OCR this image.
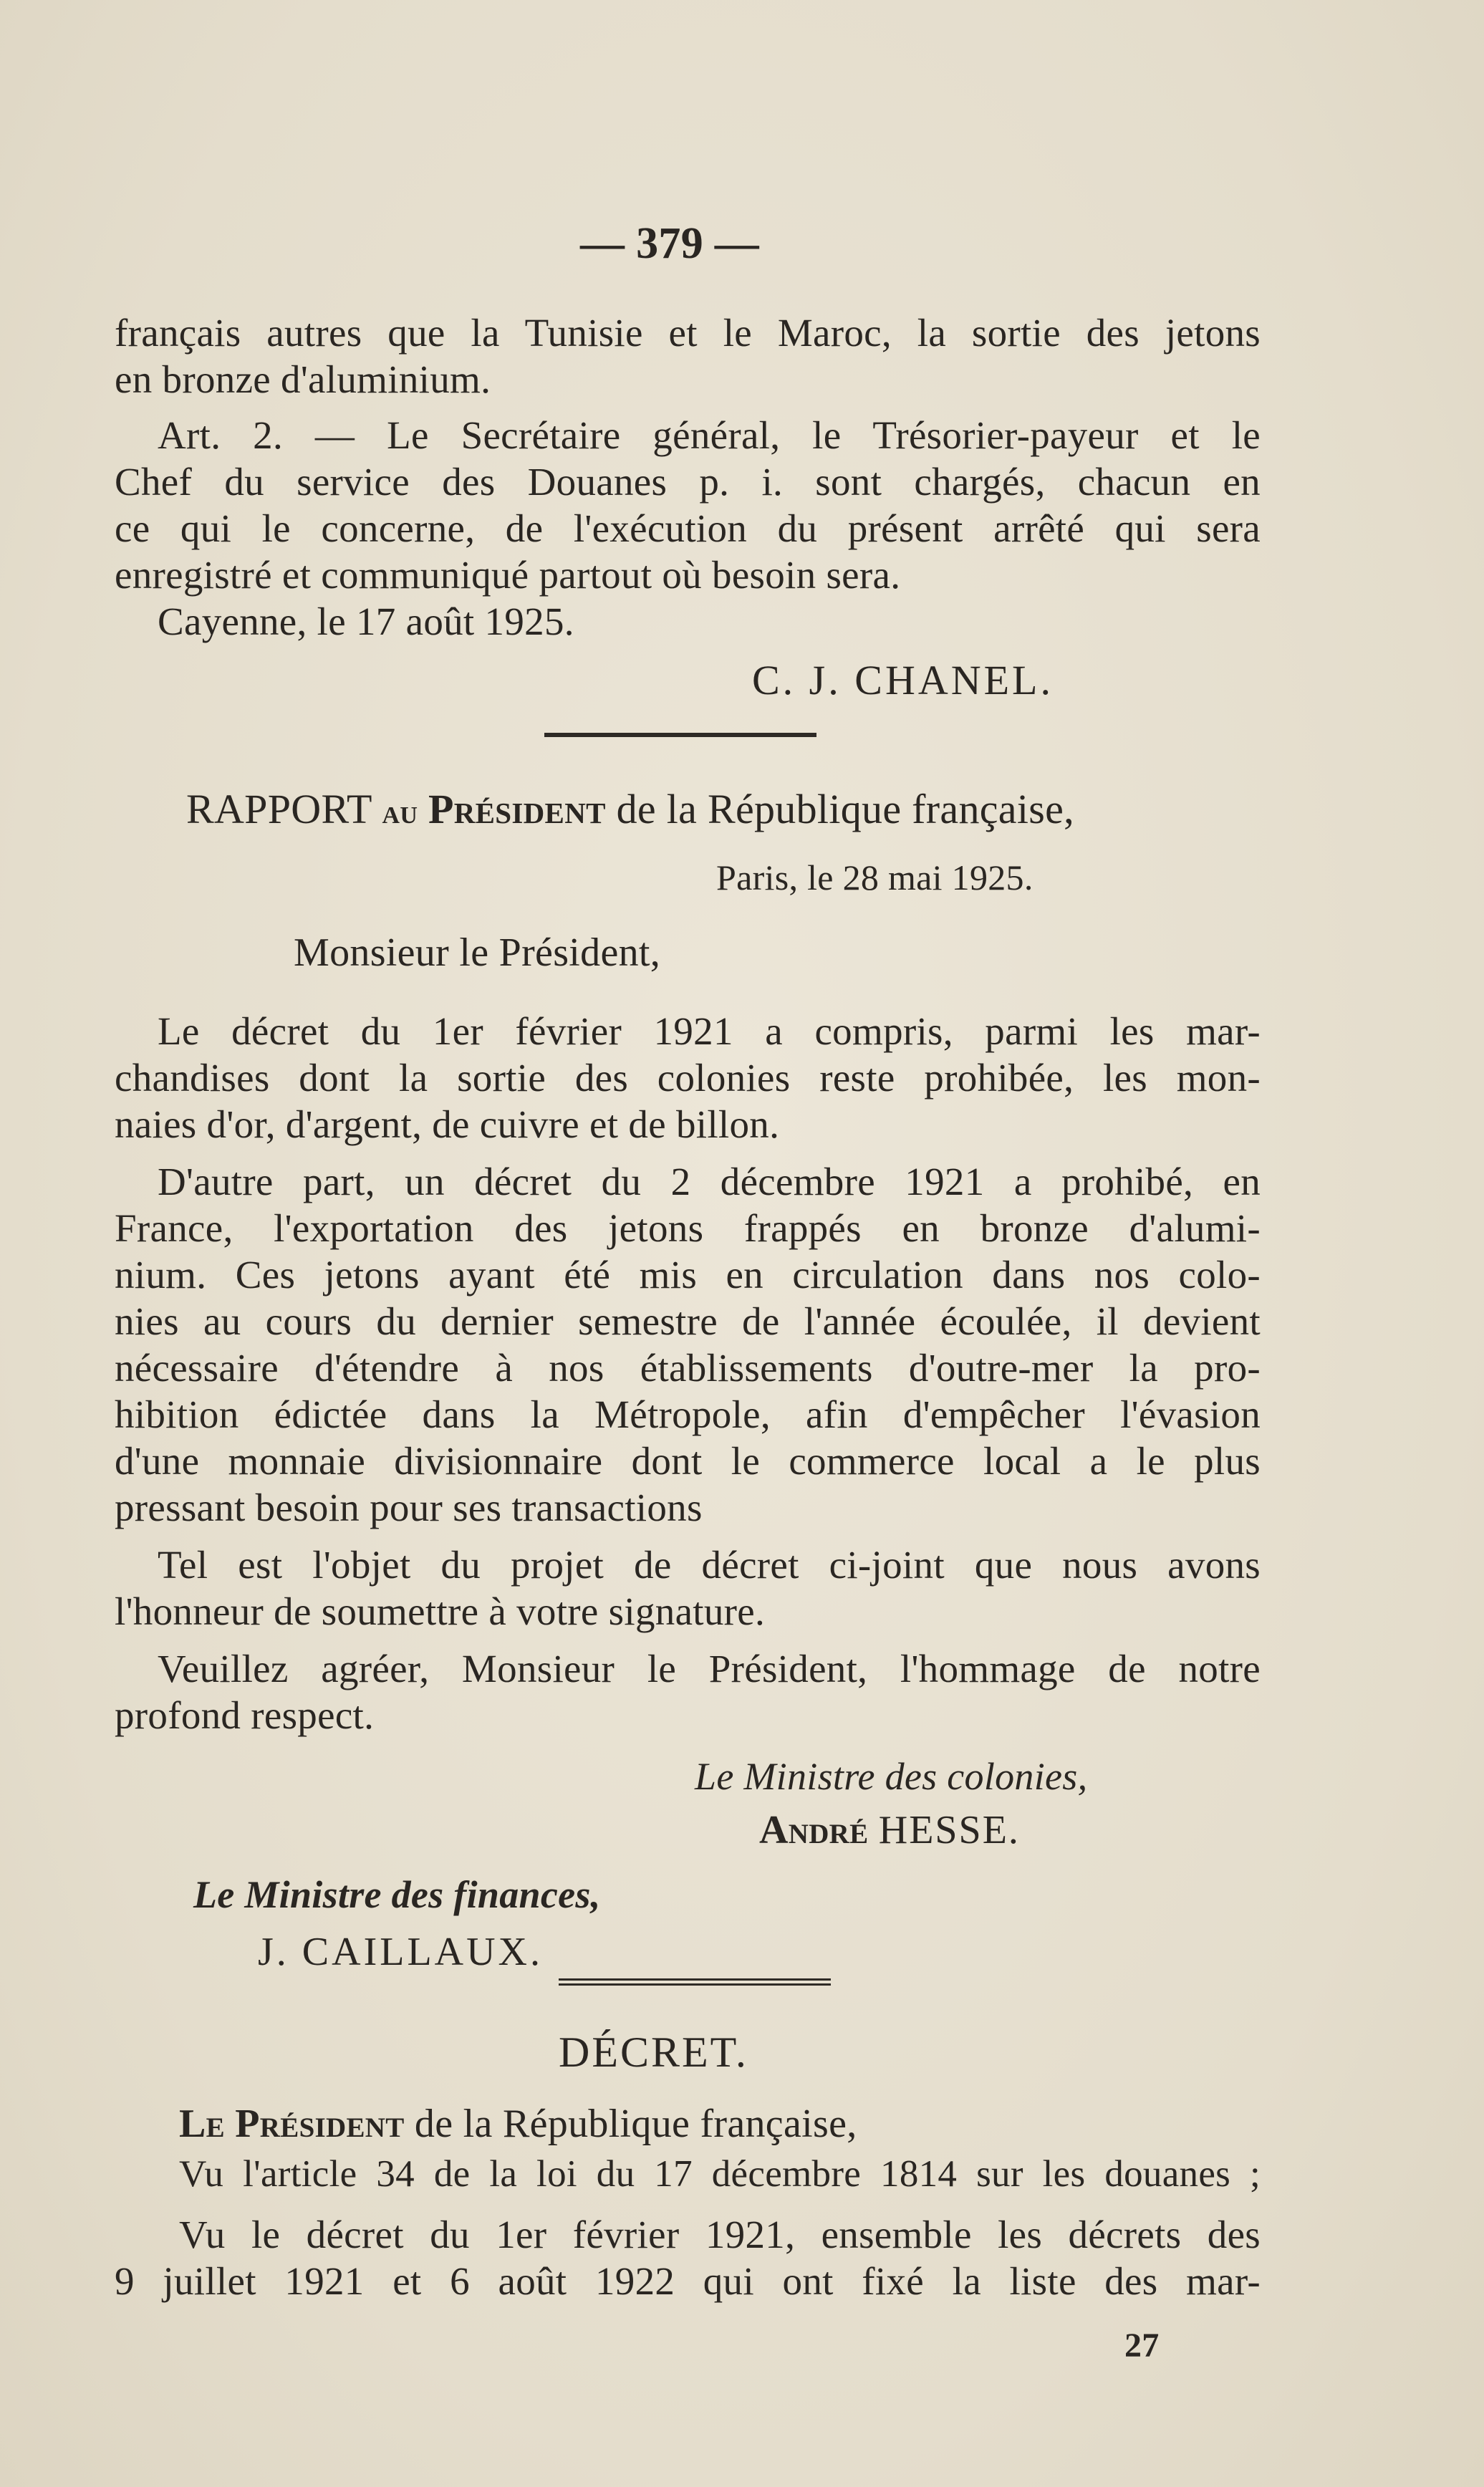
— 379 —
français autres que la Tunisie et le Maroc, la sortie des jetons
en bronze d'aluminium.
Art. 2. — Le Secrétaire général, le Trésorier-payeur et le
Chef du service des Douanes p. i. sont chargés, chacun en
ce qui le concerne, de l'exécution du présent arrêté qui sera
enregistré et communiqué partout où besoin sera.
Cayenne, le 17 août 1925.
C. J. CHANEL.
RAPPORT au Président de la République française,
Paris, le 28 mai 1925.
Monsieur le Président,
Le décret du 1er février 1921 a compris, parmi les mar-
chandises dont la sortie des colonies reste prohibée, les mon-
naies d'or, d'argent, de cuivre et de billon.
D'autre part, un décret du 2 décembre 1921 a prohibé, en
France, l'exportation des jetons frappés en bronze d'alumi-
nium. Ces jetons ayant été mis en circulation dans nos colo-
nies au cours du dernier semestre de l'année écoulée, il devient
nécessaire d'étendre à nos établissements d'outre-mer la pro-
hibition édictée dans la Métropole, afin d'empêcher l'évasion
d'une monnaie divisionnaire dont le commerce local a le plus
pressant besoin pour ses transactions
Tel est l'objet du projet de décret ci-joint que nous avons
l'honneur de soumettre à votre signature.
Veuillez agréer, Monsieur le Président, l'hommage de notre
profond respect.
Le Ministre des colonies,
André HESSE.
Le Ministre des finances,
J. CAILLAUX.
DÉCRET.
Le Président de la République française,
Vu l'article 34 de la loi du 17 décembre 1814 sur les douanes ;
Vu le décret du 1er février 1921, ensemble les décrets des
9 juillet 1921 et 6 août 1922 qui ont fixé la liste des mar-
27
